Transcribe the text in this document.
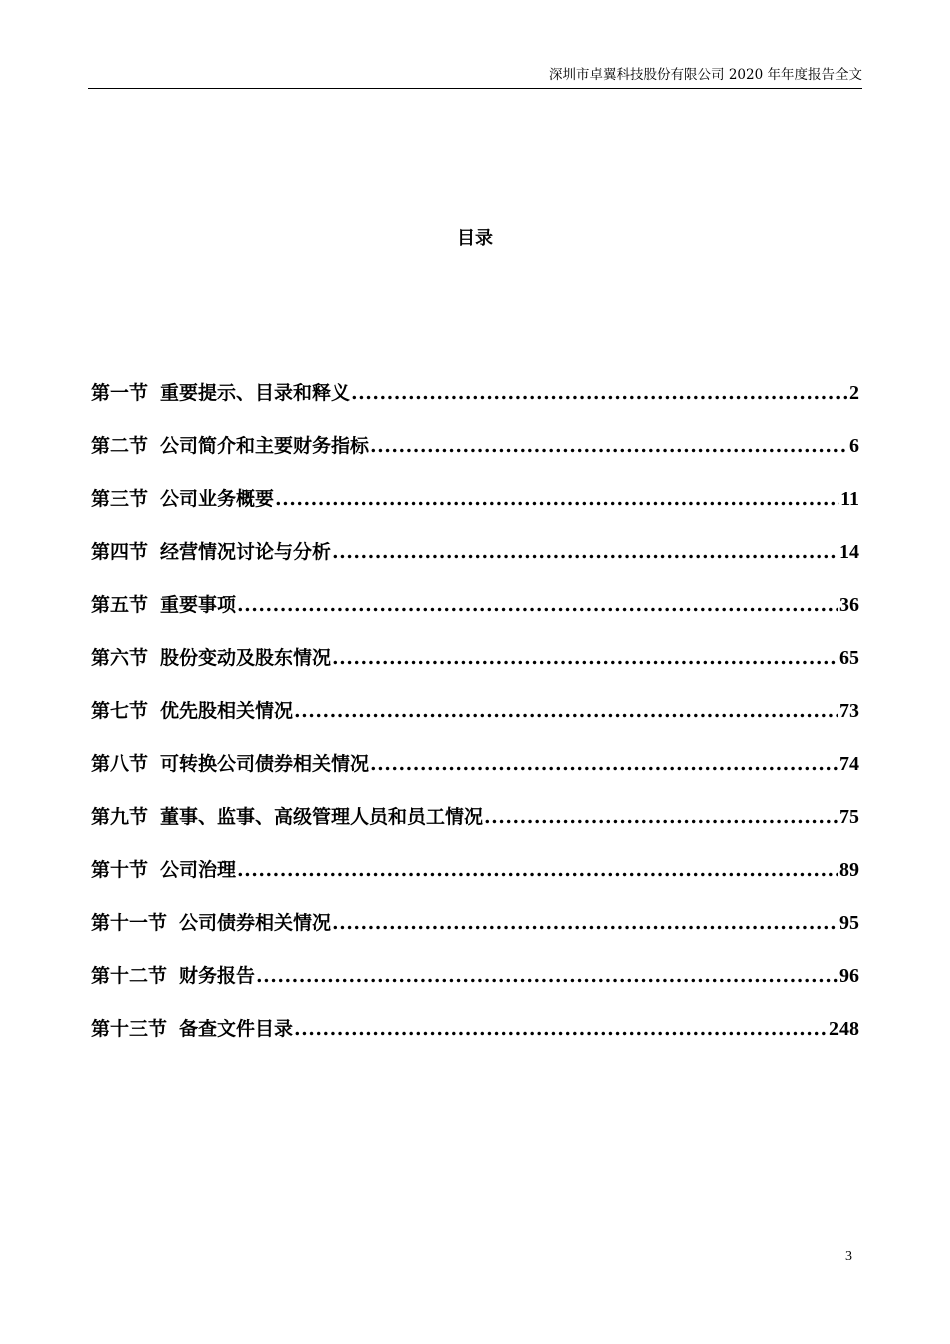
深圳市卓翼科技股份有限公司 2020 年年度报告全文
目录
第一节 重要提示、目录和释义 .....	2
第二节 公司简介和主要财务指标 .....	6
第三节 公司业务概要 .....	11
第四节 经营情况讨论与分析 .....	14
第五节 重要事项 .....	36
第六节 股份变动及股东情况 .....	65
第七节 优先股相关情况 .....	73
第八节 可转换公司债券相关情况 .....	74
第九节 董事、监事、高级管理人员和员工情况 .....	75
第十节 公司治理 .....	89
第十一节 公司债券相关情况 .....	95
第十二节 财务报告 .....	96
第十三节 备查文件目录 .....	248
3
